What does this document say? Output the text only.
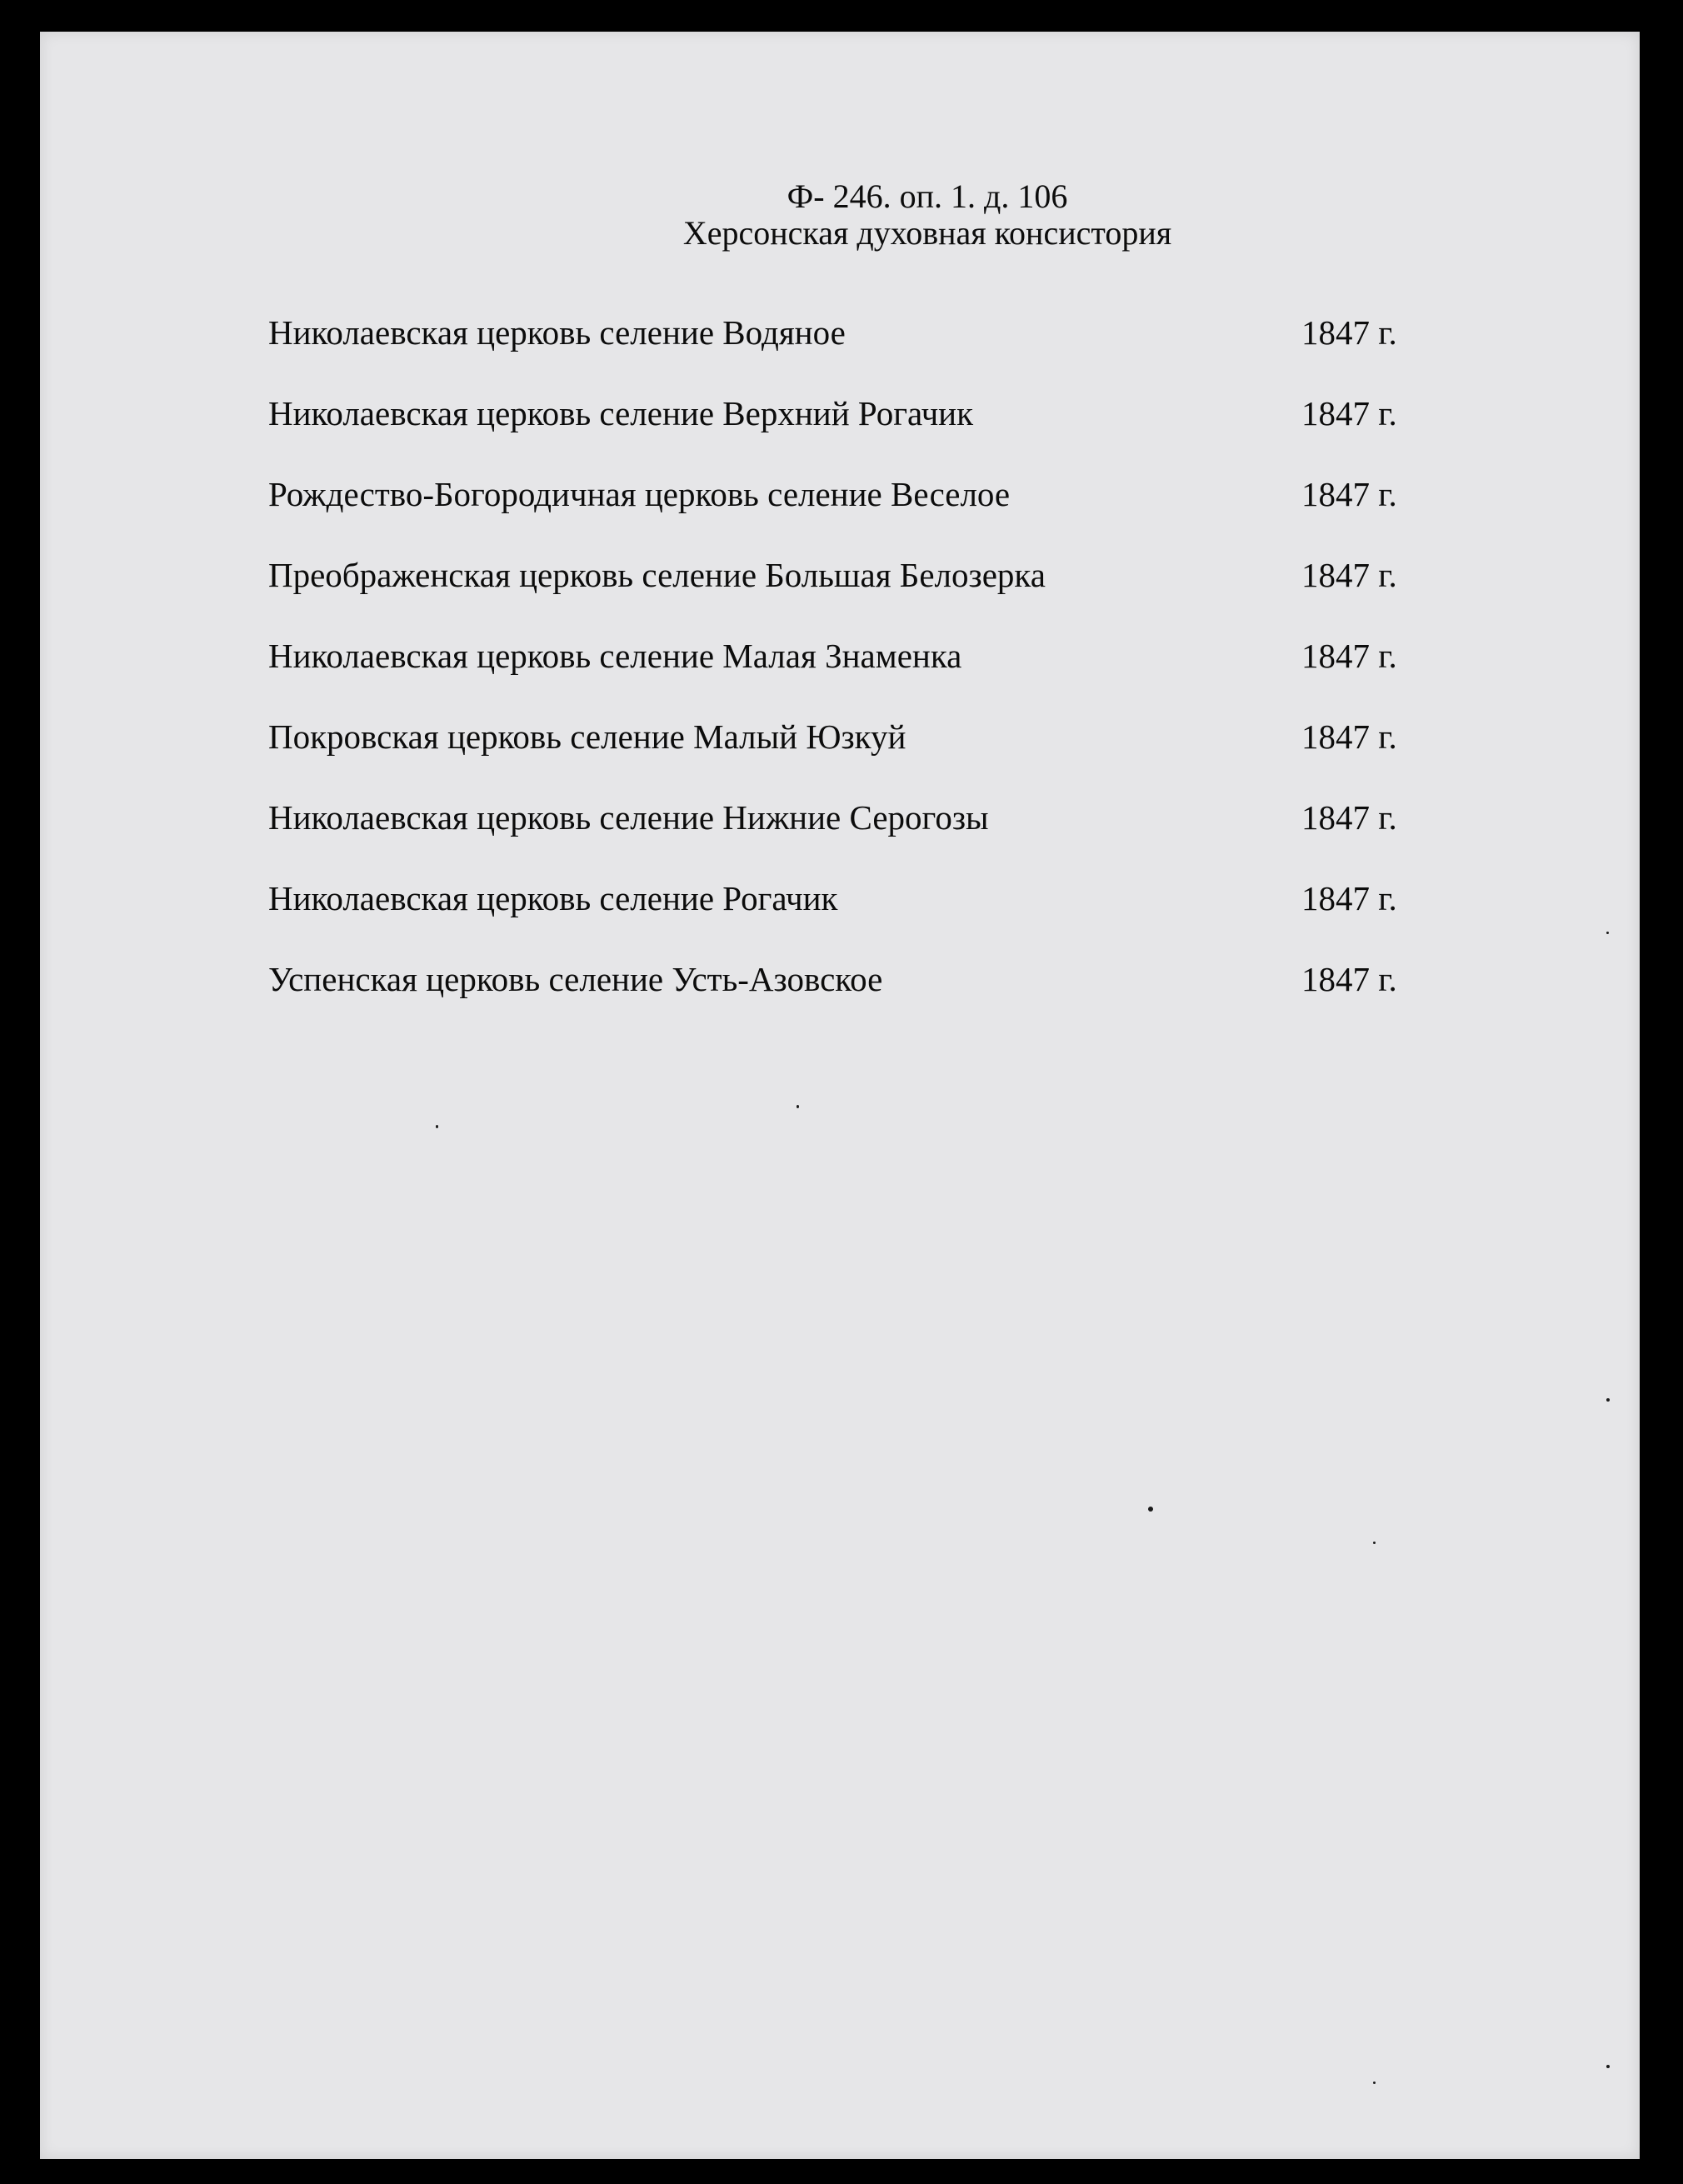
Ф- 246. оп. 1. д. 106
Херсонская духовная консистория
Николаевская церковь селение Водяное	1847 г.
Николаевская церковь селение Верхний Рогачик	1847 г.
Рождество-Богородичная церковь селение Веселое	1847 г.
Преображенская церковь селение Большая Белозерка	1847 г.
Николаевская церковь селение Малая Знаменка	1847 г.
Покровская церковь селение Малый Юзкуй	1847 г.
Николаевская церковь селение Нижние Серогозы	1847 г.
Николаевская церковь селение Рогачик	1847 г.
Успенская церковь селение Усть-Азовское	1847 г.
